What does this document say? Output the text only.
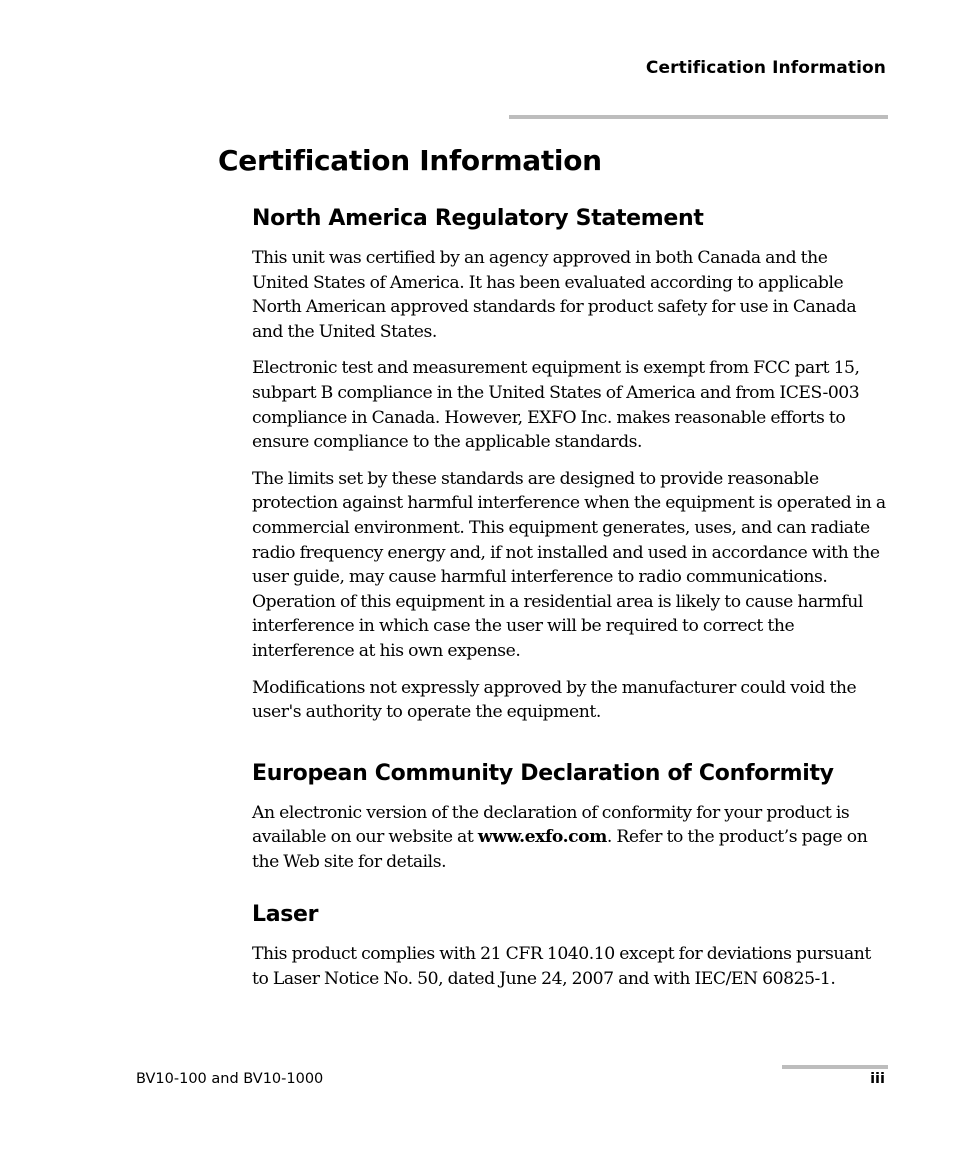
Certification Information
Certification Information
North America Regulatory Statement

This unit was certified by an agency approved in both Canada and the United States of America. It has been evaluated according to applicable North American approved standards for product safety for use in Canada and the United States.

Electronic test and measurement equipment is exempt from FCC part 15, subpart B compliance in the United States of America and from ICES-003 compliance in Canada. However, EXFO Inc. makes reasonable efforts to ensure compliance to the applicable standards.

The limits set by these standards are designed to provide reasonable protection against harmful interference when the equipment is operated in a commercial environment. This equipment generates, uses, and can radiate radio frequency energy and, if not installed and used in accordance with the user guide, may cause harmful interference to radio communications. Operation of this equipment in a residential area is likely to cause harmful interference in which case the user will be required to correct the interference at his own expense.

Modifications not expressly approved by the manufacturer could void the user's authority to operate the equipment.

European Community Declaration of Conformity

An electronic version of the declaration of conformity for your product is available on our website at www.exfo.com. Refer to the product’s page on the Web site for details.

Laser

This product complies with 21 CFR 1040.10 except for deviations pursuant to Laser Notice No. 50, dated June 24, 2007 and with IEC/EN 60825-1.

BV10-100 and BV10-1000	iii
